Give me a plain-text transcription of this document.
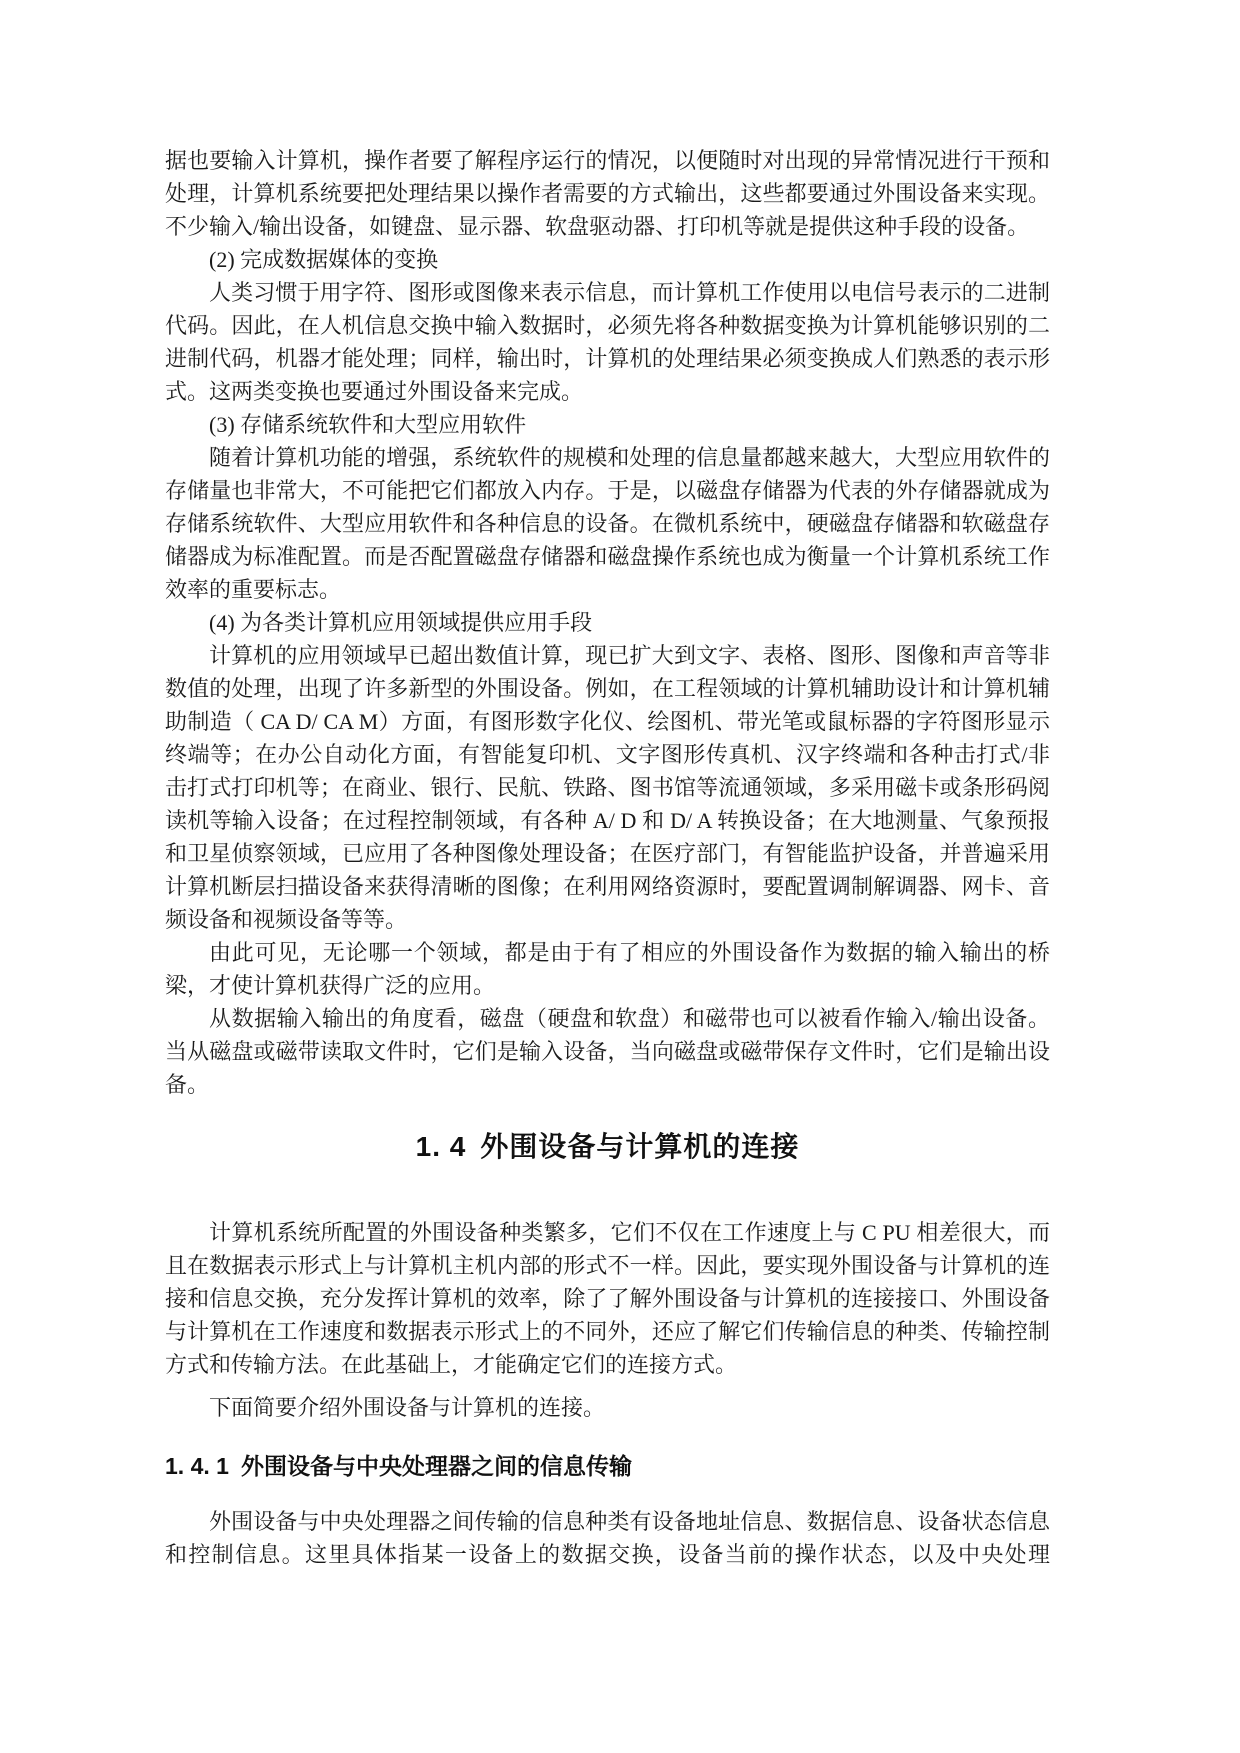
据也要输入计算机，操作者要了解程序运行的情况，以便随时对出现的异常情况进行干预和处理，计算机系统要把处理结果以操作者需要的方式输出，这些都要通过外围设备来实现。不少输入/输出设备，如键盘、显示器、软盘驱动器、打印机等就是提供这种手段的设备。

(2) 完成数据媒体的变换

人类习惯于用字符、图形或图像来表示信息，而计算机工作使用以电信号表示的二进制代码。因此，在人机信息交换中输入数据时，必须先将各种数据变换为计算机能够识别的二进制代码，机器才能处理；同样，输出时，计算机的处理结果必须变换成人们熟悉的表示形式。这两类变换也要通过外围设备来完成。

(3) 存储系统软件和大型应用软件

随着计算机功能的增强，系统软件的规模和处理的信息量都越来越大，大型应用软件的存储量也非常大，不可能把它们都放入内存。于是，以磁盘存储器为代表的外存储器就成为存储系统软件、大型应用软件和各种信息的设备。在微机系统中，硬磁盘存储器和软磁盘存储器成为标准配置。而是否配置磁盘存储器和磁盘操作系统也成为衡量一个计算机系统工作效率的重要标志。

(4) 为各类计算机应用领域提供应用手段

计算机的应用领域早已超出数值计算，现已扩大到文字、表格、图形、图像和声音等非数值的处理，出现了许多新型的外围设备。例如，在工程领域的计算机辅助设计和计算机辅助制造（ CA D/ CA M）方面，有图形数字化仪、绘图机、带光笔或鼠标器的字符图形显示终端等；在办公自动化方面，有智能复印机、文字图形传真机、汉字终端和各种击打式/非击打式打印机等；在商业、银行、民航、铁路、图书馆等流通领域，多采用磁卡或条形码阅读机等输入设备；在过程控制领域，有各种 A/ D 和 D/ A 转换设备；在大地测量、气象预报和卫星侦察领域，已应用了各种图像处理设备；在医疗部门，有智能监护设备，并普遍采用计算机断层扫描设备来获得清晰的图像；在利用网络资源时，要配置调制解调器、网卡、音频设备和视频设备等等。

由此可见，无论哪一个领域，都是由于有了相应的外围设备作为数据的输入输出的桥梁，才使计算机获得广泛的应用。

从数据输入输出的角度看，磁盘（硬盘和软盘）和磁带也可以被看作输入/输出设备。当从磁盘或磁带读取文件时，它们是输入设备，当向磁盘或磁带保存文件时，它们是输出设备。

1. 4 外围设备与计算机的连接

计算机系统所配置的外围设备种类繁多，它们不仅在工作速度上与 C PU 相差很大，而且在数据表示形式上与计算机主机内部的形式不一样。因此，要实现外围设备与计算机的连接和信息交换，充分发挥计算机的效率，除了了解外围设备与计算机的连接接口、外围设备与计算机在工作速度和数据表示形式上的不同外，还应了解它们传输信息的种类、传输控制方式和传输方法。在此基础上，才能确定它们的连接方式。

下面简要介绍外围设备与计算机的连接。

1. 4. 1 外围设备与中央处理器之间的信息传输

外围设备与中央处理器之间传输的信息种类有设备地址信息、数据信息、设备状态信息和控制信息。这里具体指某一设备上的数据交换，设备当前的操作状态，以及中央处理
